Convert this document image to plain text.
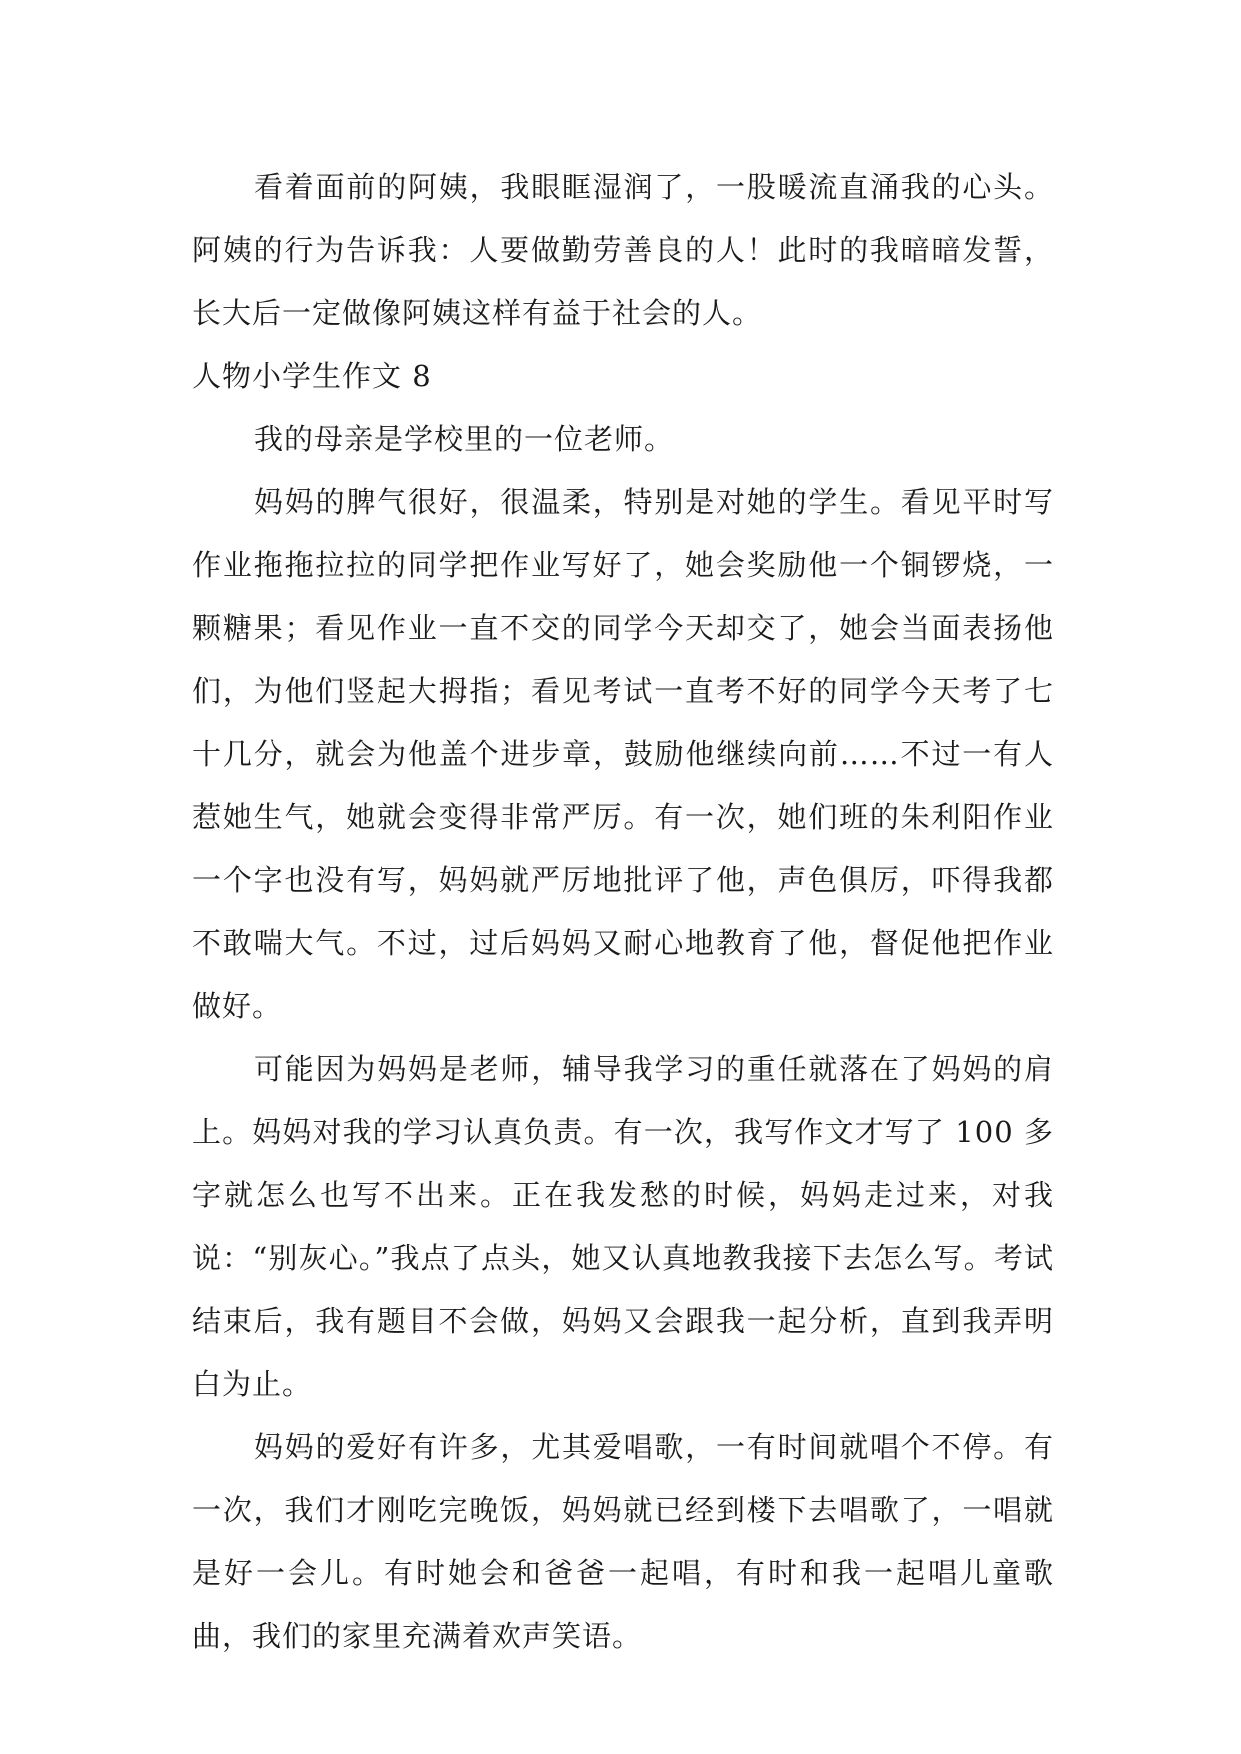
看着面前的阿姨，我眼眶湿润了，一股暖流直涌我的心头。阿姨的行为告诉我：人要做勤劳善良的人！此时的我暗暗发誓，长大后一定做像阿姨这样有益于社会的人。

人物小学生作文 8

我的母亲是学校里的一位老师。

妈妈的脾气很好，很温柔，特别是对她的学生。看见平时写作业拖拖拉拉的同学把作业写好了，她会奖励他一个铜锣烧，一颗糖果；看见作业一直不交的同学今天却交了，她会当面表扬他们，为他们竖起大拇指；看见考试一直考不好的同学今天考了七十几分，就会为他盖个进步章，鼓励他继续向前……不过一有人惹她生气，她就会变得非常严厉。有一次，她们班的朱利阳作业一个字也没有写，妈妈就严厉地批评了他，声色俱厉，吓得我都不敢喘大气。不过，过后妈妈又耐心地教育了他，督促他把作业做好。

可能因为妈妈是老师，辅导我学习的重任就落在了妈妈的肩上。妈妈对我的学习认真负责。有一次，我写作文才写了 100 多字就怎么也写不出来。正在我发愁的时候，妈妈走过来，对我说：“别灰心。”我点了点头，她又认真地教我接下去怎么写。考试结束后，我有题目不会做，妈妈又会跟我一起分析，直到我弄明白为止。

妈妈的爱好有许多，尤其爱唱歌，一有时间就唱个不停。有一次，我们才刚吃完晚饭，妈妈就已经到楼下去唱歌了，一唱就是好一会儿。有时她会和爸爸一起唱，有时和我一起唱儿童歌曲，我们的家里充满着欢声笑语。
